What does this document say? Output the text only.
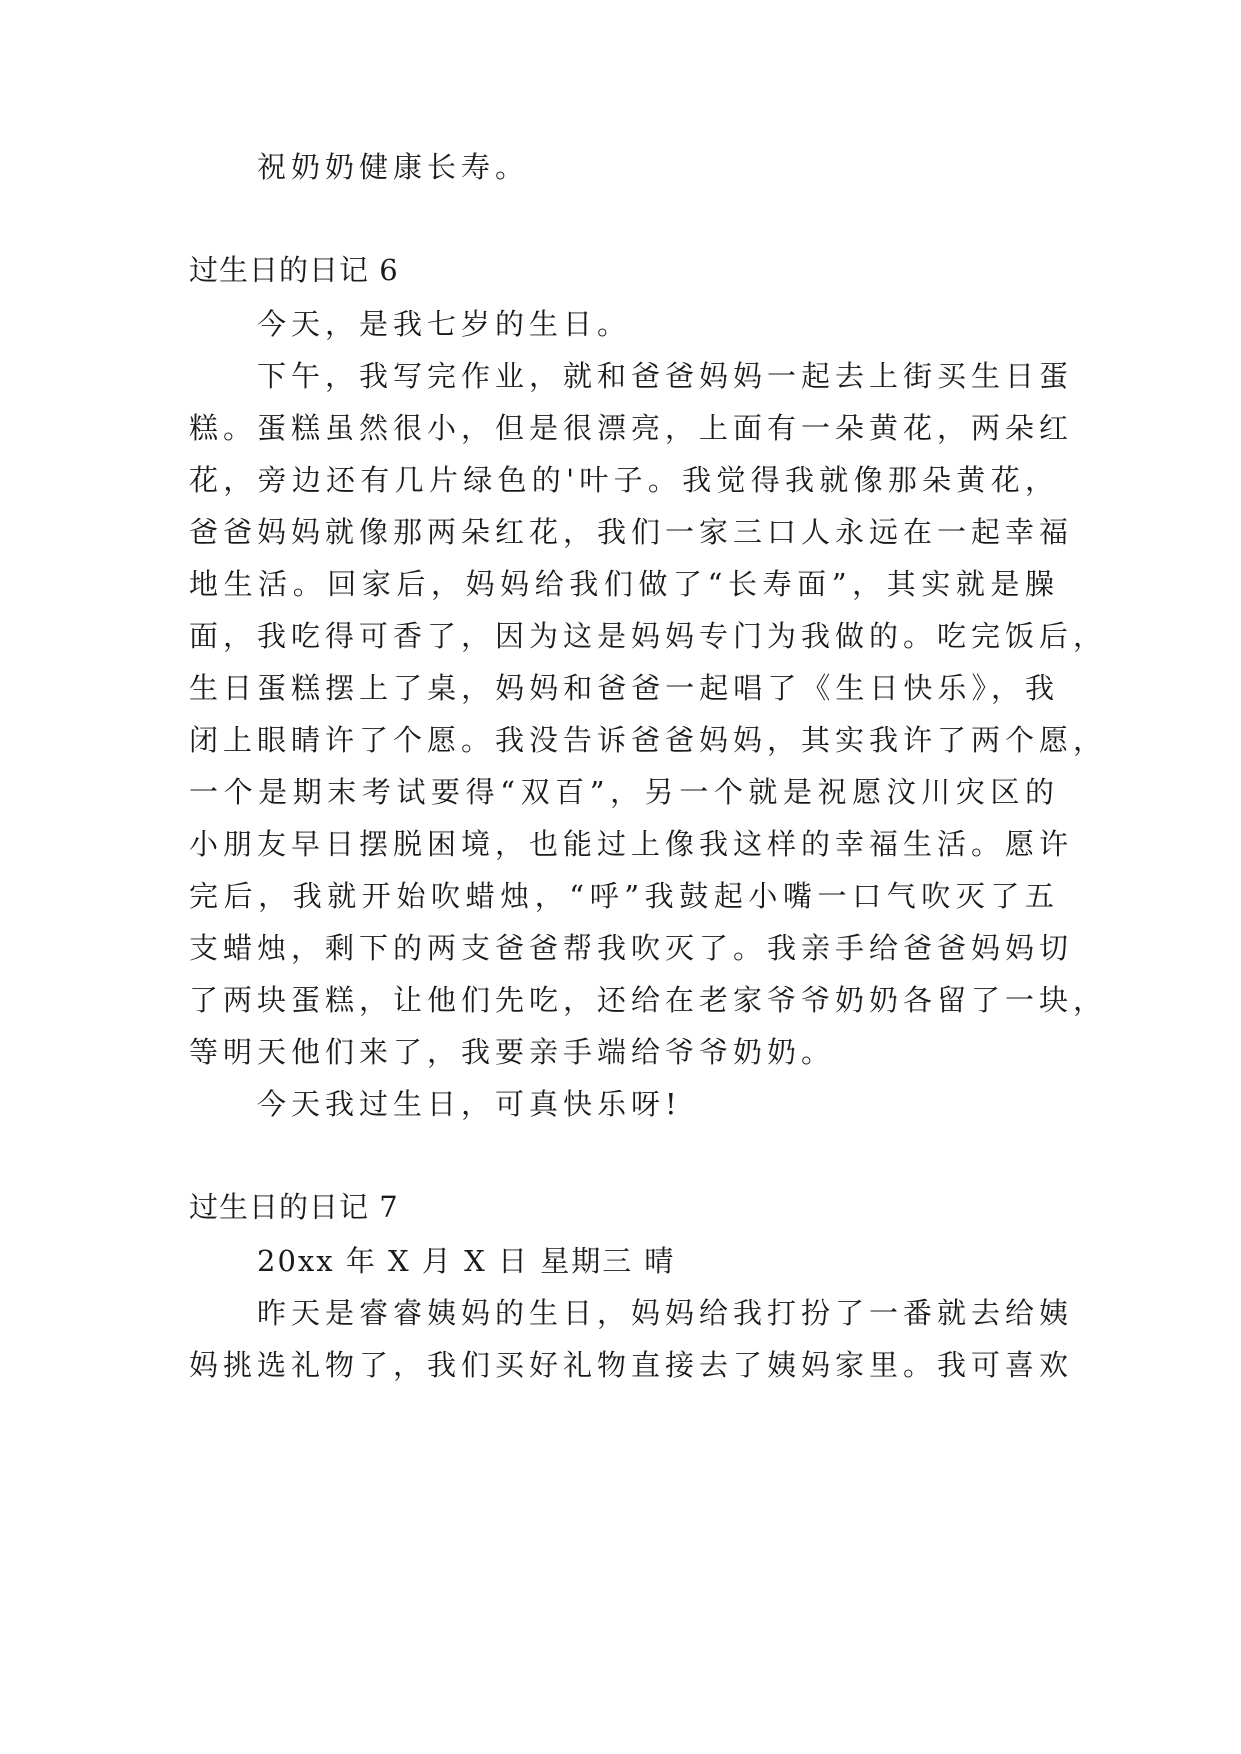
祝奶奶健康长寿。
过生日的日记 6
今天，是我七岁的生日。
下午，我写完作业，就和爸爸妈妈一起去上街买生日蛋
糕。蛋糕虽然很小，但是很漂亮，上面有一朵黄花，两朵红
花，旁边还有几片绿色的'叶子。我觉得我就像那朵黄花，
爸爸妈妈就像那两朵红花，我们一家三口人永远在一起幸福
地生活。回家后，妈妈给我们做了“长寿面”，其实就是臊
面，我吃得可香了，因为这是妈妈专门为我做的。吃完饭后，
生日蛋糕摆上了桌，妈妈和爸爸一起唱了《生日快乐》，我
闭上眼睛许了个愿。我没告诉爸爸妈妈，其实我许了两个愿，
一个是期末考试要得“双百”，另一个就是祝愿汶川灾区的
小朋友早日摆脱困境，也能过上像我这样的幸福生活。愿许
完后，我就开始吹蜡烛，“呼”我鼓起小嘴一口气吹灭了五
支蜡烛，剩下的两支爸爸帮我吹灭了。我亲手给爸爸妈妈切
了两块蛋糕，让他们先吃，还给在老家爷爷奶奶各留了一块，
等明天他们来了，我要亲手端给爷爷奶奶。
今天我过生日，可真快乐呀!
过生日的日记 7
20xx 年 X 月 X 日 星期三 晴
昨天是睿睿姨妈的生日，妈妈给我打扮了一番就去给姨
妈挑选礼物了，我们买好礼物直接去了姨妈家里。我可喜欢
